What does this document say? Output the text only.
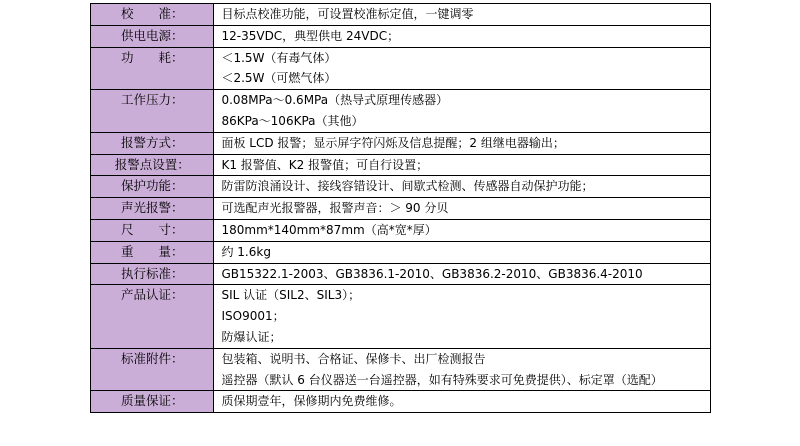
校　　准：	目标点校准功能，可设置校准标定值，一键调零

供电电源：	12-35VDC，典型供电 24VDC；

功　　耗：	＜1.5W（有毒气体）
＜2.5W（可燃气体）

工作压力：	0.08MPa～0.6MPa（热导式原理传感器）
86KPa～106KPa（其他）

报警方式：	面板 LCD 报警；显示屏字符闪烁及信息提醒；2 组继电器输出；

报警点设置：	K1 报警值、K2 报警值；可自行设置；

保护功能：	防雷防浪涌设计、接线容错设计、间歇式检测、传感器自动保护功能；

声光报警：	可选配声光报警器，报警声音：＞ 90 分贝

尺　　寸：	180mm*140mm*87mm（高*宽*厚）

重　　量：	约 1.6kg

执行标准：	GB15322.1-2003、GB3836.1-2010、GB3836.2-2010、GB3836.4-2010

产品认证：	SIL 认证（SIL2、SIL3）；
ISO9001；
防爆认证；

标准附件：	包装箱、说明书、合格证、保修卡、出厂检测报告
遥控器（默认 6 台仪器送一台遥控器，如有特殊要求可免费提供）、标定罩（选配）

质量保证：	质保期壹年，保修期内免费维修。
